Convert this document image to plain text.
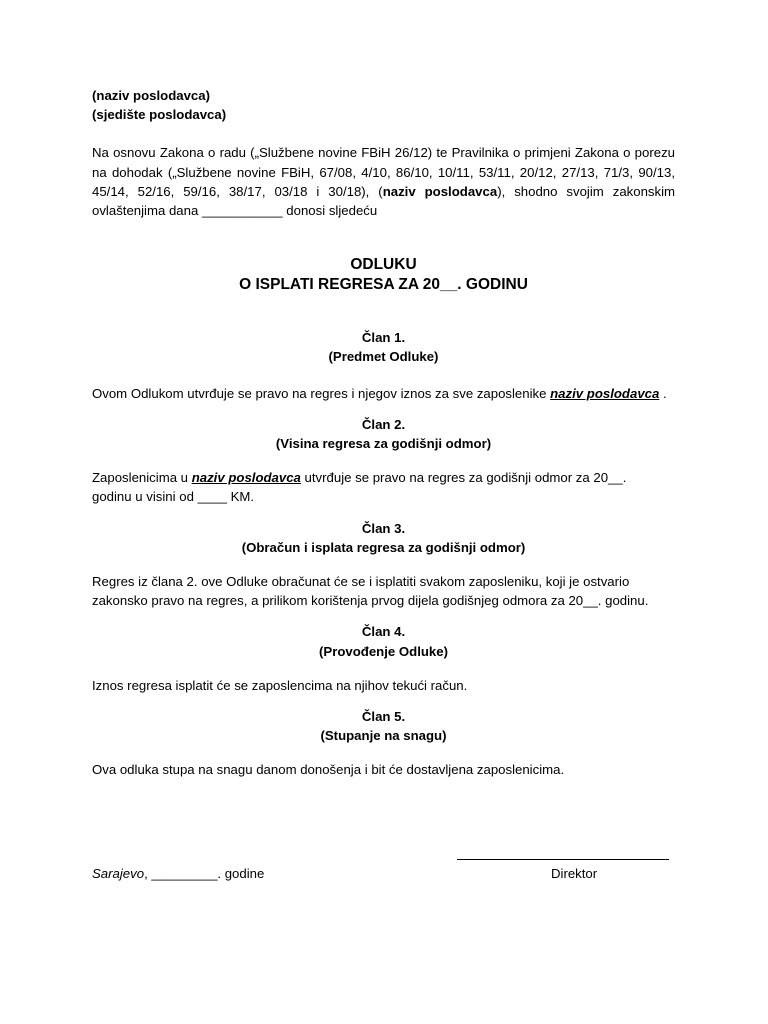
(naziv poslodavca)

(sjedište poslodavca)

Na osnovu Zakona o radu („Službene novine FBiH 26/12) te Pravilnika o primjeni Zakona o porezu na dohodak („Službene novine FBiH, 67/08, 4/10, 86/10, 10/11, 53/11, 20/12, 27/13, 71/3, 90/13, 45/14, 52/16, 59/16, 38/17, 03/18 i 30/18), (naziv poslodavca), shodno svojim zakonskim ovlaštenjima dana ___________ donosi sljedeću

ODLUKU

O ISPLATI REGRESA ZA 20__. GODINU

Član 1.

(Predmet Odluke)

Ovom Odlukom utvrđuje se pravo na regres i njegov iznos za sve zaposlenike naziv poslodavca .

Član 2.

(Visina regresa za godišnji odmor)

Zaposlenicima u naziv poslodavca utvrđuje se pravo na regres za godišnji odmor za 20__. godinu u visini od ____ KM.

Član 3.

(Obračun i isplata regresa za godišnji odmor)

Regres iz člana 2. ove Odluke obračunat će se i isplatiti svakom zaposleniku, koji je ostvario zakonsko pravo na regres, a prilikom korištenja prvog dijela godišnjeg odmora za 20__. godinu.

Član 4.

(Provođenje Odluke)

Iznos regresa isplatit će se zaposlencima na njihov tekući račun.

Član 5.

(Stupanje na snagu)

Ova odluka stupa na snagu danom donošenja i bit će dostavljena zaposlenicima.

Sarajevo, _________. godine	Direktor
